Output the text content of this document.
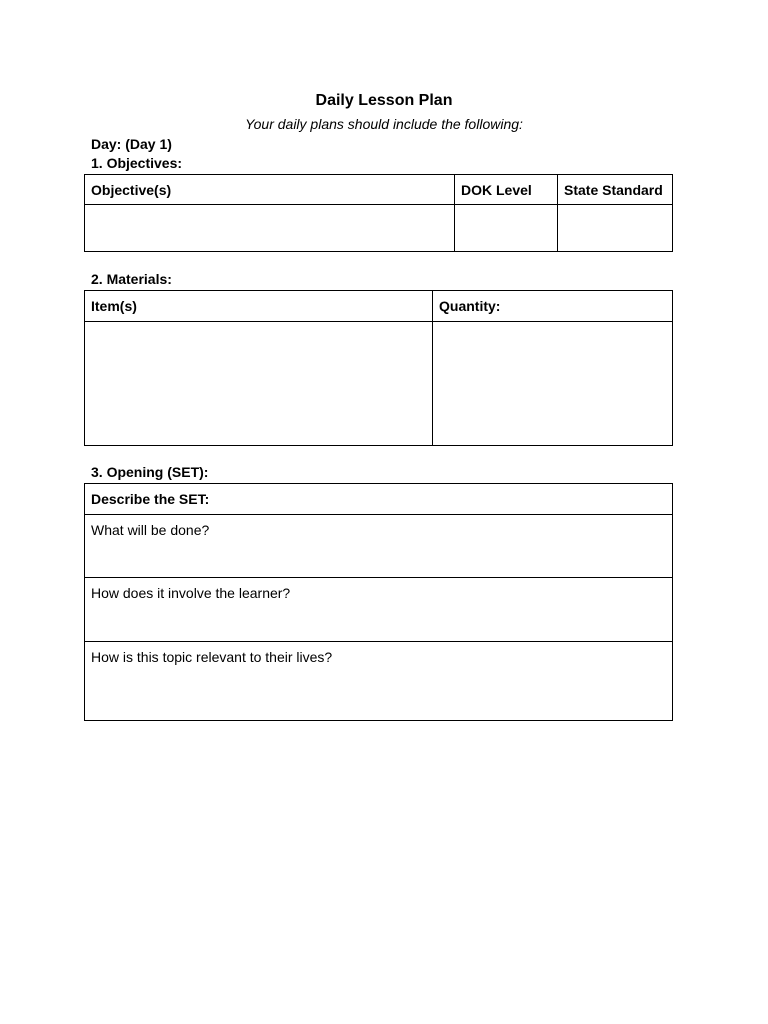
Daily Lesson Plan
Your daily plans should include the following:
Day: (Day 1)
1. Objectives:
Objective(s)	DOK Level	State Standard

2. Materials:
Item(s)	Quantity:

3. Opening (SET):
Describe the SET:
What will be done?
How does it involve the learner?
How is this topic relevant to their lives?
